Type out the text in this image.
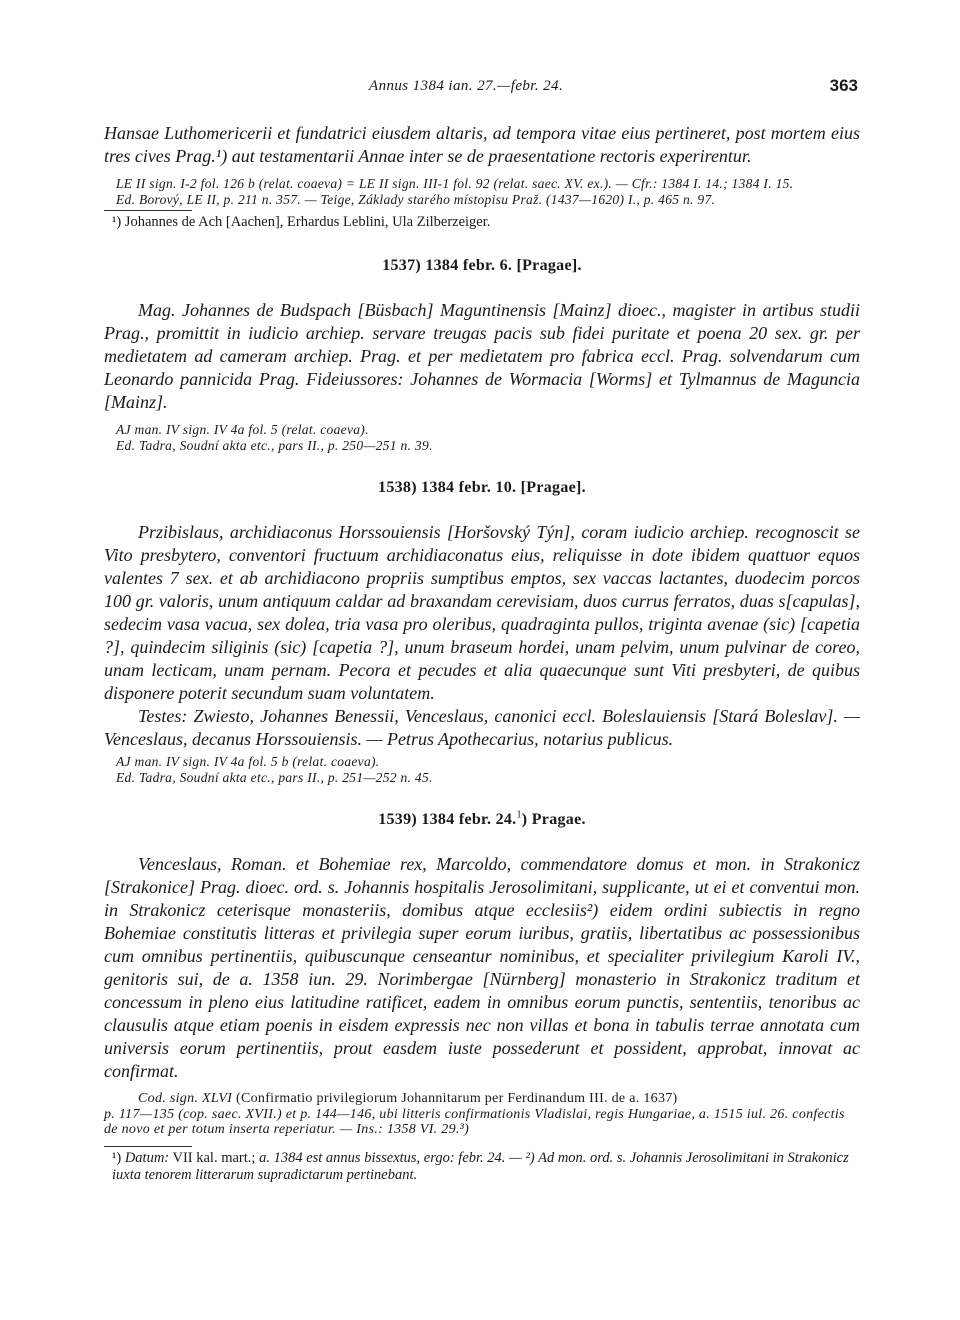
Annus 1384 ian. 27.—febr. 24.	363

Hansae Luthomericerii et fundatrici eiusdem altaris, ad tempora vitae eius pertineret, post mortem eius tres cives Prag.¹) aut testamentarii Annae inter se de praesentatione rectoris experirentur.

LE II sign. I-2 fol. 126 b (relat. coaeva) = LE II sign. III-1 fol. 92 (relat. saec. XV. ex.). — Cfr.: 1384 I. 14.; 1384 I. 15.

Ed. Borový, LE II, p. 211 n. 357. — Teige, Základy starého místopisu Praž. (1437—1620) I., p. 465 n. 97.

¹) Johannes de Ach [Aachen], Erhardus Leblini, Ula Zilberzeiger.

1537) 1384 febr. 6. [Pragae].

Mag. Johannes de Budspach [Büsbach] Maguntinensis [Mainz] dioec., magister in artibus studii Prag., promittit in iudicio archiep. servare treugas pacis sub fidei puritate et poena 20 sex. gr. per medietatem ad cameram archiep. Prag. et per medietatem pro fabrica eccl. Prag. solvendarum cum Leonardo pannicida Prag. Fideiussores: Johannes de Wormacia [Worms] et Tylmannus de Maguncia [Mainz].

AJ man. IV sign. IV 4a fol. 5 (relat. coaeva).

Ed. Tadra, Soudní akta etc., pars II., p. 250—251 n. 39.

1538) 1384 febr. 10. [Pragae].

Przibislaus, archidiaconus Horssouiensis [Horšovský Týn], coram iudicio archiep. recognoscit se Vito presbytero, conventori fructuum archidiaconatus eius, reliquisse in dote ibidem quattuor equos valentes 7 sex. et ab archidiacono propriis sumptibus emptos, sex vaccas lactantes, duodecim porcos 100 gr. valoris, unum antiquum caldar ad braxandam cerevisiam, duos currus ferratos, duas s[capulas], sedecim vasa vacua, sex dolea, tria vasa pro oleribus, quadraginta pullos, triginta avenae (sic) [capetia ?], quindecim siliginis (sic) [capetia ?], unum braseum hordei, unam pelvim, unum pulvinar de coreo, unam lecticam, unam pernam. Pecora et pecudes et alia quaecunque sunt Viti presbyteri, de quibus disponere poterit secundum suam voluntatem.

Testes: Zwiesto, Johannes Benessii, Venceslaus, canonici eccl. Boleslauiensis [Stará Boleslav]. — Venceslaus, decanus Horssouiensis. — Petrus Apothecarius, notarius publicus.

AJ man. IV sign. IV 4a fol. 5 b (relat. coaeva).

Ed. Tadra, Soudní akta etc., pars II., p. 251—252 n. 45.

1539) 1384 febr. 24.$^1$) Pragae.

Venceslaus, Roman. et Bohemiae rex, Marcoldo, commendatore domus et mon. in Strakonicz [Strakonice] Prag. dioec. ord. s. Johannis hospitalis Jerosolimitani, supplicante, ut ei et conventui mon. in Strakonicz ceterisque monasteriis, domibus atque ecclesiis²) eidem ordini subiectis in regno Bohemiae constitutis litteras et privilegia super eorum iuribus, gratiis, libertatibus ac possessionibus cum omnibus pertinentiis, quibuscunque censeantur nominibus, et specialiter privilegium Karoli IV., genitoris sui, de a. 1358 iun. 29. Norimbergae [Nürnberg] monasterio in Strakonicz traditum et concessum in pleno eius latitudine ratificet, eadem in omnibus eorum punctis, sententiis, tenoribus ac clausulis atque etiam poenis in eisdem expressis nec non villas et bona in tabulis terrae annotata cum universis eorum pertinentiis, prout easdem iuste possederunt et possident, approbat, innovat ac confirmat.

Cod. sign. XLVI (Confirmatio privilegiorum Johannitarum per Ferdinandum III. de a. 1637)

p. 117—135 (cop. saec. XVII.) et p. 144—146, ubi litteris confirmationis Vladislai, regis Hungariae, a. 1515 iul. 26. confectis de novo et per totum inserta reperiatur. — Ins.: 1358 VI. 29.³)

¹) Datum: VII kal. mart.; a. 1384 est annus bissextus, ergo: febr. 24. — ²) Ad mon. ord. s. Johannis Jerosolimitani in Strakonicz iuxta tenorem litterarum supradictarum pertinebant.
